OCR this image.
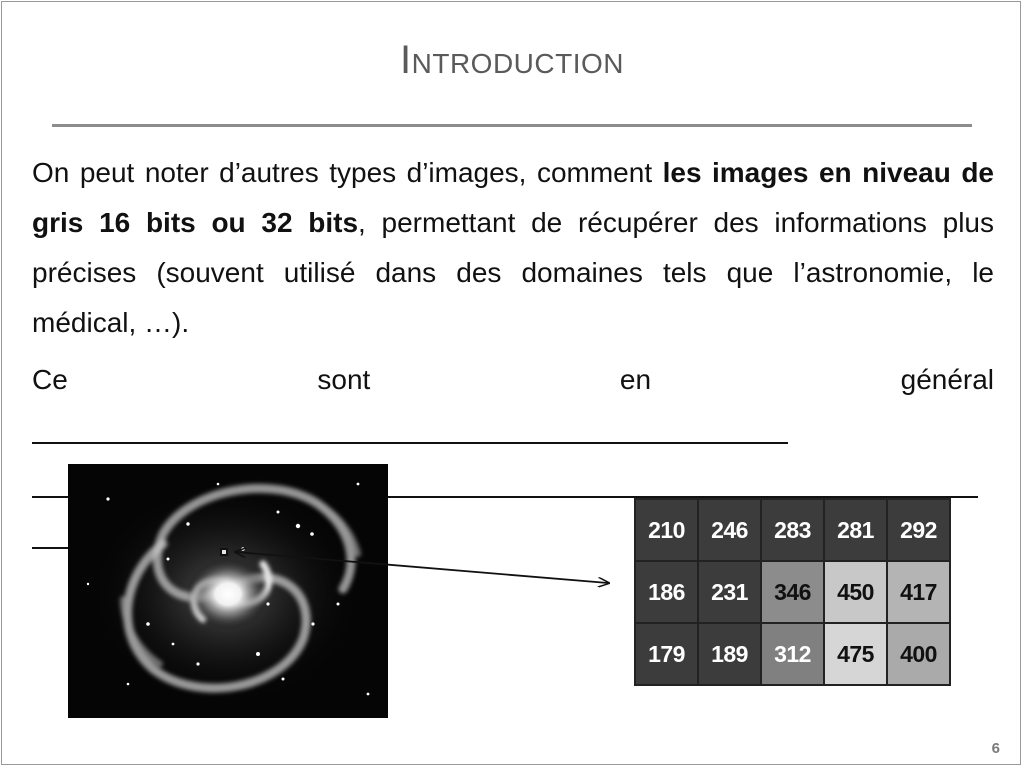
Introduction
On peut noter d’autres types d’images, comment les images en niveau de gris 16 bits ou 32 bits, permettant de récupérer des informations plus précises (souvent utilisé dans des domaines tels que l’astronomie, le médical, …).
Ce	sont	en	général
210	246	283	281	292
186	231	346	450	417
179	189	312	475	400
6
